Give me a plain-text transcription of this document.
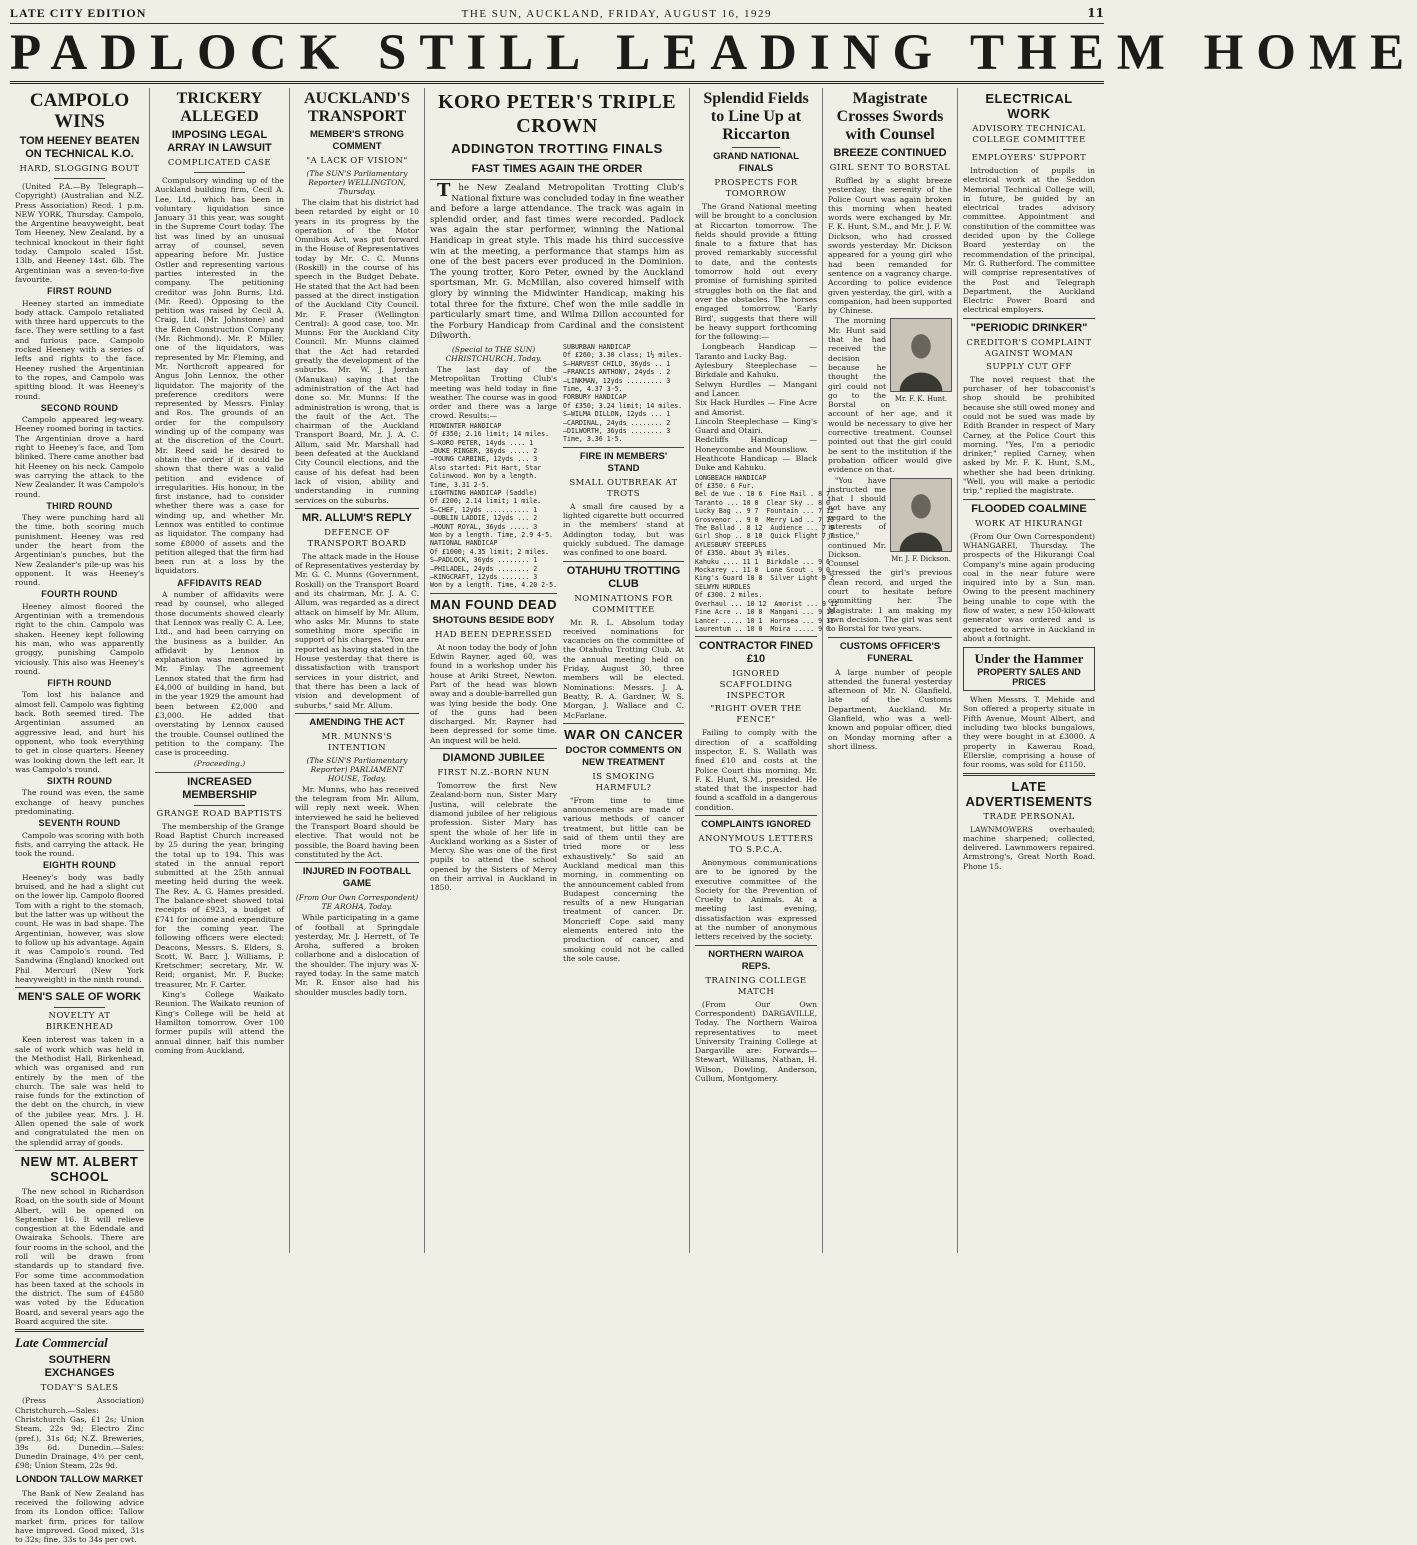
LATE CITY EDITION	THE SUN, AUCKLAND, FRIDAY, AUGUST 16, 1929	11
PADLOCK STILL LEADING THEM HOME
CAMPOLO WINS
TOM HEENEY BEATEN ON TECHNICAL K.O.
HARD, SLOGGING BOUT

(United P.A.—By Telegraph—Copyright) (Australian and N.Z. Press Association) Recd. 1 p.m. NEW YORK, Thursday. Campolo, the Argentine heavyweight, beat Tom Heeney, New Zealand, by a technical knockout in their fight today. Campolo scaled 15st. 13lb, and Heeney 14st. 6lb. The Argentinian was a seven-to-five favourite.

FIRST ROUND

Heeney started an immediate body attack. Campolo retaliated with three hard uppercuts to the face. They were settling to a fast and furious pace. Campolo rocked Heeney with a series of lefts and rights to the face. Heeney rushed the Argentinian to the ropes, and Campolo was spitting blood. It was Heeney's round.

SECOND ROUND

Campolo appeared leg-weary. Heeney roomed boring in tactics. The Argentinian drove a hard right to Heeney's face, and Tom blinked. There came another bad hit Heeney on his neck. Campolo was carrying the attack to the New Zealander. It was Campolo's round.

THIRD ROUND

They were punching hard all the time, both scoring much punishment. Heeney was red under the heart from the Argentinian's punches, but the New Zealander's pile-up was his opponent. It was Heeney's round.

FOURTH ROUND

Heeney almost floored the Argentinian with a tremendous right to the chin. Campolo was shaken. Heeney kept following his man, who was apparently groggy, punishing Campolo viciously. This also was Heeney's round.

FIFTH ROUND

Tom lost his balance and almost fell. Campolo was fighting back. Both seemed tired. The Argentinian assumed an aggressive lead, and hurt his opponent, who took everything to get in close quarters. Heeney was looking down the left ear. It was Campolo's round.

SIXTH ROUND

The round was even, the same exchange of heavy punches predominating.

SEVENTH ROUND

Campolo was scoring with both fists, and carrying the attack. He took the round.

EIGHTH ROUND

Heeney's body was badly bruised, and he had a slight cut on the lower lip. Campolo floored Tom with a right to the stomach, but the latter was up without the count. He was in bad shape. The Argentinian, however, was slow to follow up his advantage. Again it was Campolo's round. Ted Sandwina (England) knocked out Phil Mercurl (New York heavyweight) in the ninth round.

MEN'S SALE OF WORK
NOVELTY AT BIRKENHEAD

Keen interest was taken in a sale of work which was held in the Methodist Hall, Birkenhead, which was organised and run entirely by the men of the church. The sale was held to raise funds for the extinction of the debt on the church, in view of the jubilee year. Mrs. J. H. Allen opened the sale of work and congratulated the men on the splendid array of goods.

NEW MT. ALBERT SCHOOL

The new school in Richardson Road, on the south side of Mount Albert, will be opened on September 16. It will relieve congestion at the Edendale and Owairaka Schools. There are four rooms in the school, and the roll will be drawn from standards up to standard five. For some time accommodation has been taxed at the schools in the district. The sum of £4580 was voted by the Education Board, and several years ago the Board acquired the site.

Late Commercial
SOUTHERN EXCHANGES
TODAY'S SALES

(Press Association) Christchurch.—Sales: Christchurch Gas, £1 2s; Union Steam, 22s 9d; Electro Zinc (pref.), 31s 6d; N.Z. Breweries, 39s 6d. Dunedin.—Sales: Dunedin Drainage, 4½ per cent, £98; Union Steam, 22s 9d.

LONDON TALLOW MARKET

The Bank of New Zealand has received the following advice from its London office: Tallow market firm, prices for tallow have improved. Good mixed, 31s to 32s; fine, 33s to 34s per cwt.

TRICKERY ALLEGED
IMPOSING LEGAL ARRAY IN LAWSUIT
COMPLICATED CASE

Compulsory winding up of the Auckland building firm, Cecil A. Lee, Ltd., which has been in voluntary liquidation since January 31 this year, was sought in the Supreme Court today. The list was lined by an unusual array of counsel, seven appearing before Mr. Justice Ostler and representing various parties interested in the company. The petitioning creditor was John Burns, Ltd. (Mr. Reed). Opposing to the petition was raised by Cecil A. Craig, Ltd. (Mr. Johnstone) and the Eden Construction Company (Mr. Richmond). Mr. P. Miller, one of the liquidators, was represented by Mr. Fleming, and Mr. Northcroft appeared for Angus John Lennox, the other liquidator. The majority of the preference creditors were represented by Messrs. Finlay and Ros. The grounds of an order for the compulsory winding up of the company was at the discretion of the Court. Mr. Reed said he desired to obtain the order if it could be shown that there was a valid petition and evidence of irregularities. His honour, in the first instance, had to consider whether there was a case for winding up, and whether Mr. Lennox was entitled to continue as liquidator. The company had some £8000 of assets and the petition alleged that the firm had been run at a loss by the liquidators.

AFFIDAVITS READ

A number of affidavits were read by counsel, who alleged those documents showed clearly that Lennox was really C. A. Lee, Ltd., and had been carrying on the business as a builder. An affidavit by Lennox in explanation was mentioned by Mr. Finlay. The agreement Lennox stated that the firm had £4,000 of building in hand, but in the year 1929 the amount had been between £2,000 and £3,000. He added that overstating by Lennox caused the trouble. Counsel outlined the petition to the company. The case is proceeding.

(Proceeding.)
INCREASED MEMBERSHIP
GRANGE ROAD BAPTISTS

The membership of the Grange Road Baptist Church increased by 25 during the year, bringing the total up to 194. This was stated in the annual report submitted at the 25th annual meeting held during the week. The Rev. A. G. Hames presided. The balance-sheet showed total receipts of £923, a budget of £741 for income and expenditure for the coming year. The following officers were elected: Deacons, Messrs. S. Elders, S. Scott, W. Barr, J. Williams, P. Kretschmer; secretary, Mr. W. Reid; organist, Mr. F. Bucke; treasurer, Mr. F. Carter.

King's College Waikato Reunion. The Waikato reunion of King's College will be held at Hamilton tomorrow. Over 100 former pupils will attend the annual dinner, half this number coming from Auckland.

AUCKLAND'S TRANSPORT
MEMBER'S STRONG COMMENT
"A LACK OF VISION"
(The SUN'S Parliamentary Reporter) WELLINGTON, Thursday.

The claim that his district had been retarded by eight or 10 years in its progress by the operation of the Motor Omnibus Act, was put forward in the House of Representatives today by Mr. C. C. Munns (Roskill) in the course of his speech in the Budget Debate. He stated that the Act had been passed at the direct instigation of the Auckland City Council. Mr. F. Fraser (Wellington Central): A good case, too. Mr. Munns: For the Auckland City Council. Mr. Munns claimed that the Act had retarded greatly the development of the suburbs. Mr. W. J. Jordan (Manukau) saying that the administration of the Act had done so. Mr. Munns: If the administration is wrong, that is the fault of the Act. The chairman of the Auckland Transport Board, Mr. J. A. C. Allum, said Mr. Marshall had been defeated at the Auckland City Council elections, and the cause of his defeat had been lack of vision, ability and understanding in running services on the suburbs.

MR. ALLUM'S REPLY
DEFENCE OF TRANSPORT BOARD

The attack made in the House of Representatives yesterday by Mr. G. C. Munns (Government, Roskill) on the Transport Board and its chairman, Mr. J. A. C. Allum, was regarded as a direct attack on himself by Mr. Allum, who asks Mr. Munns to state something more specific in support of his charges. "You are reported as having stated in the House yesterday that there is dissatisfaction with transport services in your district, and that there has been a lack of vision and development of suburbs," said Mr. Allum.

AMENDING THE ACT
MR. MUNNS'S INTENTION
(The SUN'S Parliamentary Reporter) PARLIAMENT HOUSE, Today.

Mr. Munns, who has received the telegram from Mr. Allum, will reply next week. When interviewed he said he believed the Transport Board should be elective. That would not be possible, the Board having been constituted by the Act.

INJURED IN FOOTBALL GAME
(From Our Own Correspondent) TE AROHA, Today.

While participating in a game of football at Springdale yesterday, Mr. J. Herrett, of Te Aroha, suffered a broken collarbone and a dislocation of the shoulder. The injury was X-rayed today. In the same match Mr. R. Ensor also had his shoulder muscles badly torn.

KORO PETER'S TRIPLE CROWN
ADDINGTON TROTTING FINALS
FAST TIMES AGAIN THE ORDER

The New Zealand Metropolitan Trotting Club's National fixture was concluded today in fine weather and before a large attendance. The track was again in splendid order, and fast times were recorded. Padlock was again the star performer, winning the National Handicap in great style. This made his third successive win at the meeting, a performance that stamps him as one of the best pacers ever produced in the Dominion. The young trotter, Koro Peter, owned by the Auckland sportsman, Mr. G. McMillan, also covered himself with glory by winning the Midwinter Handicap, making his total three for the fixture. Chef won the mile saddle in particularly smart time, and Wilma Dillon accounted for the Forbury Handicap from Cardinal and the consistent Dilworth.

(Special to THE SUN) CHRISTCHURCH, Today.

The last day of the Metropolitan Trotting Club's meeting was held today in fine weather. The course was in good order and there was a large crowd. Results:—

MIDWINTER HANDICAP
Of £350; 2.16 limit; 14 miles.
S—KORO PETER, 14yds .... 1
—DUKE RINGER, 36yds ..... 2
—YOUNG CARBINE, 12yds ... 3
Also started: Pit Hart, Star
Colinwood. Won by a length.
Time, 3.31 2-5.
LIGHTNING HANDICAP (Saddle)
Of £200; 2.14 limit; 1 mile.
S—CHEF, 12yds ........... 1
—DUBLIN LADDIE, 12yds ... 2
—MOUNT ROYAL, 36yds ..... 3
Won by a length. Time, 2.9 4-5.
NATIONAL HANDICAP
Of £1000; 4.35 limit; 2 miles.
S—PADLOCK, 36yds ........ 1
—PHILADEL, 24yds ........ 2
—KINGCRAFT, 12yds ....... 3
Won by a length. Time, 4.20 2-5.
MAN FOUND DEAD
SHOTGUNS BESIDE BODY
HAD BEEN DEPRESSED

At noon today the body of John Edwin Rayner, aged 60, was found in a workshop under his house at Ariki Street, Newton. Part of the head was blown away and a double-barrelled gun was lying beside the body. One of the guns had been discharged. Mr. Rayner had been depressed for some time. An inquest will be held.

DIAMOND JUBILEE
FIRST N.Z.-BORN NUN

Tomorrow the first New Zealand-born nun, Sister Mary Justina, will celebrate the diamond jubilee of her religious profession. Sister Mary has spent the whole of her life in Auckland working as a Sister of Mercy. She was one of the first pupils to attend the school opened by the Sisters of Mercy on their arrival in Auckland in 1850.

SUBURBAN HANDICAP
Of £260; 3.30 class; 1½ miles.
S—HARVEST CHILD, 36yds .. 1
—FRANCIS ANTHONY, 24yds . 2
—LINKMAN, 12yds ......... 3
Time, 4.37 3-5.
FORBURY HANDICAP
Of £350; 3.24 limit; 14 miles.
S—WILMA DILLON, 12yds ... 1
—CARDINAL, 24yds ........ 2
—DILWORTH, 36yds ........ 3
Time, 3.36 1-5.
FIRE IN MEMBERS' STAND
SMALL OUTBREAK AT TROTS

A small fire caused by a lighted cigarette butt occurred in the members' stand at Addington today, but was quickly subdued. The damage was confined to one board.

OTAHUHU TROTTING CLUB
NOMINATIONS FOR COMMITTEE

Mr. R. L. Absolum today received nominations for vacancies on the committee of the Otahuhu Trotting Club. At the annual meeting held on Friday, August 30, three members will be elected. Nominations: Messrs. J. A. Beatty, R. A. Gardner, W. S. Morgan, J. Wallace and C. McFarlane.

WAR ON CANCER
DOCTOR COMMENTS ON NEW TREATMENT
IS SMOKING HARMFUL?

"From time to time announcements are made of various methods of cancer treatment, but little can be said of them until they are tried more or less exhaustively." So said an Auckland medical man this morning, in commenting on the announcement cabled from Budapest concerning the results of a new Hungarian treatment of cancer. Dr. Moncrieff Cope said many elements entered into the production of cancer, and smoking could not be called the sole cause.

Splendid Fields to Line Up at Riccarton
GRAND NATIONAL FINALS
PROSPECTS FOR TOMORROW

The Grand National meeting will be brought to a conclusion at Riccarton tomorrow. The fields should provide a fitting finale to a fixture that has proved remarkably successful to date, and the contests tomorrow hold out every promise of furnishing spirited struggles both on the flat and over the obstacles. The horses engaged tomorrow, 'Early Bird', suggests that there will be heavy support forthcoming for the following:—

Longbeach Handicap — Taranto and Lucky Bag.
Aylesbury Steeplechase — Birkdale and Kahuku.
Selwyn Hurdles — Mangani and Lancer.
Six Hack Hurdles — Fine Acre and Amorist.
Lincoln Steeplechase — King's Guard and Otairi.
Redcliffs Handicap — Honeycombe and Mounsliow.
Heathcote Handicap — Black Duke and Kahuku.

LONGBEACH HANDICAP
Of £350. 6 Fur.
Bel de Vue . 10 6  Fine Mail . 8 7
Taranto ... 10 0  Clear Sky .. 8 0
Lucky Bag .. 9 7  Fountain ... 7 12
Grosvenor .. 9 0  Merry Lad .. 7 10
The Ballad . 8 12  Audience ... 7 9
Girl Shop .. 8 10  Quick Flight 7 7
AYLESBURY STEEPLES
Of £350. About 3½ miles.
Kahuku .... 11 1  Birkdale ... 9 6
Mockarey .. 11 0  Lone Scout . 9 0
King's Guard 10 8  Silver Light 9 2
SELWYN HURDLES
Of £300. 2 miles.
Overhaul ... 10 12  Amorist ... 9 12
Fine Acre .. 10 8  Mangani ... 9 10
Lancer ..... 10 1  Hornsea ... 9 11
Laurentum .. 10 0  Moira ..... 9 0
CONTRACTOR FINED £10
IGNORED SCAFFOLDING INSPECTOR
"RIGHT OVER THE FENCE"

Failing to comply with the direction of a scaffolding inspector, E. S. Wallath was fined £10 and costs at the Police Court this morning. Mr. F. K. Hunt, S.M., presided. He stated that the inspector had found a scaffold in a dangerous condition.

COMPLAINTS IGNORED
ANONYMOUS LETTERS TO S.P.C.A.

Anonymous communications are to be ignored by the executive committee of the Society for the Prevention of Cruelty to Animals. At a meeting last evening, dissatisfaction was expressed at the number of anonymous letters received by the society.

NORTHERN WAIROA REPS.
TRAINING COLLEGE MATCH

(From Our Own Correspondent) DARGAVILLE, Today. The Northern Wairoa representatives to meet University Training College at Dargaville are: Forwards—Stewart, Williams, Nathan, H. Wilson, Dowling, Anderson, Cullum, Montgomery.

Magistrate Crosses Swords with Counsel
BREEZE CONTINUED
GIRL SENT TO BORSTAL

Ruffled by a slight breeze yesterday, the serenity of the Police Court was again broken this morning when heated words were exchanged by Mr. F. K. Hunt, S.M., and Mr. J. F. W. Dickson, who had crossed swords yesterday. Mr. Dickson appeared for a young girl who had been remanded for sentence on a vagrancy charge. According to police evidence given yesterday, the girl, with a companion, had been supported by Chinese.

Mr. F. K. Hunt.

The morning Mr. Hunt said that he had received the decision because he thought the girl could not go to the Borstal on account of her age, and it would be necessary to give her corrective treatment. Counsel pointed out that the girl could be sent to the institution if the probation officer would give evidence on that.

Mr. J. F. Dickson.

"You have instructed me that I should not have any regard to the interests of justice," continued Mr. Dickson. Counsel stressed the girl's previous clean record, and urged the court to hesitate before committing her. The Magistrate: I am making my own decision. The girl was sent to Borstal for two years.

CUSTOMS OFFICER'S FUNERAL

A large number of people attended the funeral yesterday afternoon of Mr. N. Glanfield, late of the Customs Department, Auckland. Mr. Glanfield, who was a well-known and popular officer, died on Monday morning after a short illness.

ELECTRICAL WORK
ADVISORY TECHNICAL COLLEGE COMMITTEE
EMPLOYERS' SUPPORT

Introduction of pupils in electrical work at the Seddon Memorial Technical College will, in future, be guided by an electrical trades advisory committee. Appointment and constitution of the committee was decided upon by the College Board yesterday on the recommendation of the principal, Mr. G. Rutherford. The committee will comprise representatives of the Post and Telegraph Department, the Auckland Electric Power Board and electrical employers.

"PERIODIC DRINKER"
CREDITOR'S COMPLAINT AGAINST WOMAN
SUPPLY CUT OFF

The novel request that the purchaser of her tobacconist's shop should be prohibited because she still owed money and could not be sued was made by Edith Brander in respect of Mary Carney, at the Police Court this morning. "Yes, I'm a periodic drinker," replied Carney, when asked by Mr. F. K. Hunt, S.M., whether she had been drinking. "Well, you will make a periodic trip," replied the magistrate.

FLOODED COALMINE
WORK AT HIKURANGI

(From Our Own Correspondent) WHANGAREI, Thursday. The prospects of the Hikurangi Coal Company's mine again producing coal in the near future were inquired into by a Sun man. Owing to the present machinery being unable to cope with the flow of water, a new 150-kilowatt generator was ordered and is expected to arrive in Auckland in about a fortnight.

Under the Hammer
PROPERTY SALES AND PRICES

When Messrs. T. Mehide and Son offered a property situate in Fifth Avenue, Mount Albert, and including two blocks bungalows, they were bought in at £3000. A property in Kawerau Road, Ellerslie, comprising a house of four rooms, was sold for £1150.

LATE ADVERTISEMENTS
TRADE PERSONAL

LAWNMOWERS overhauled; machine sharpened; collected, delivered. Lawnmowers repaired. Armstrong's, Great North Road. Phone 15.
